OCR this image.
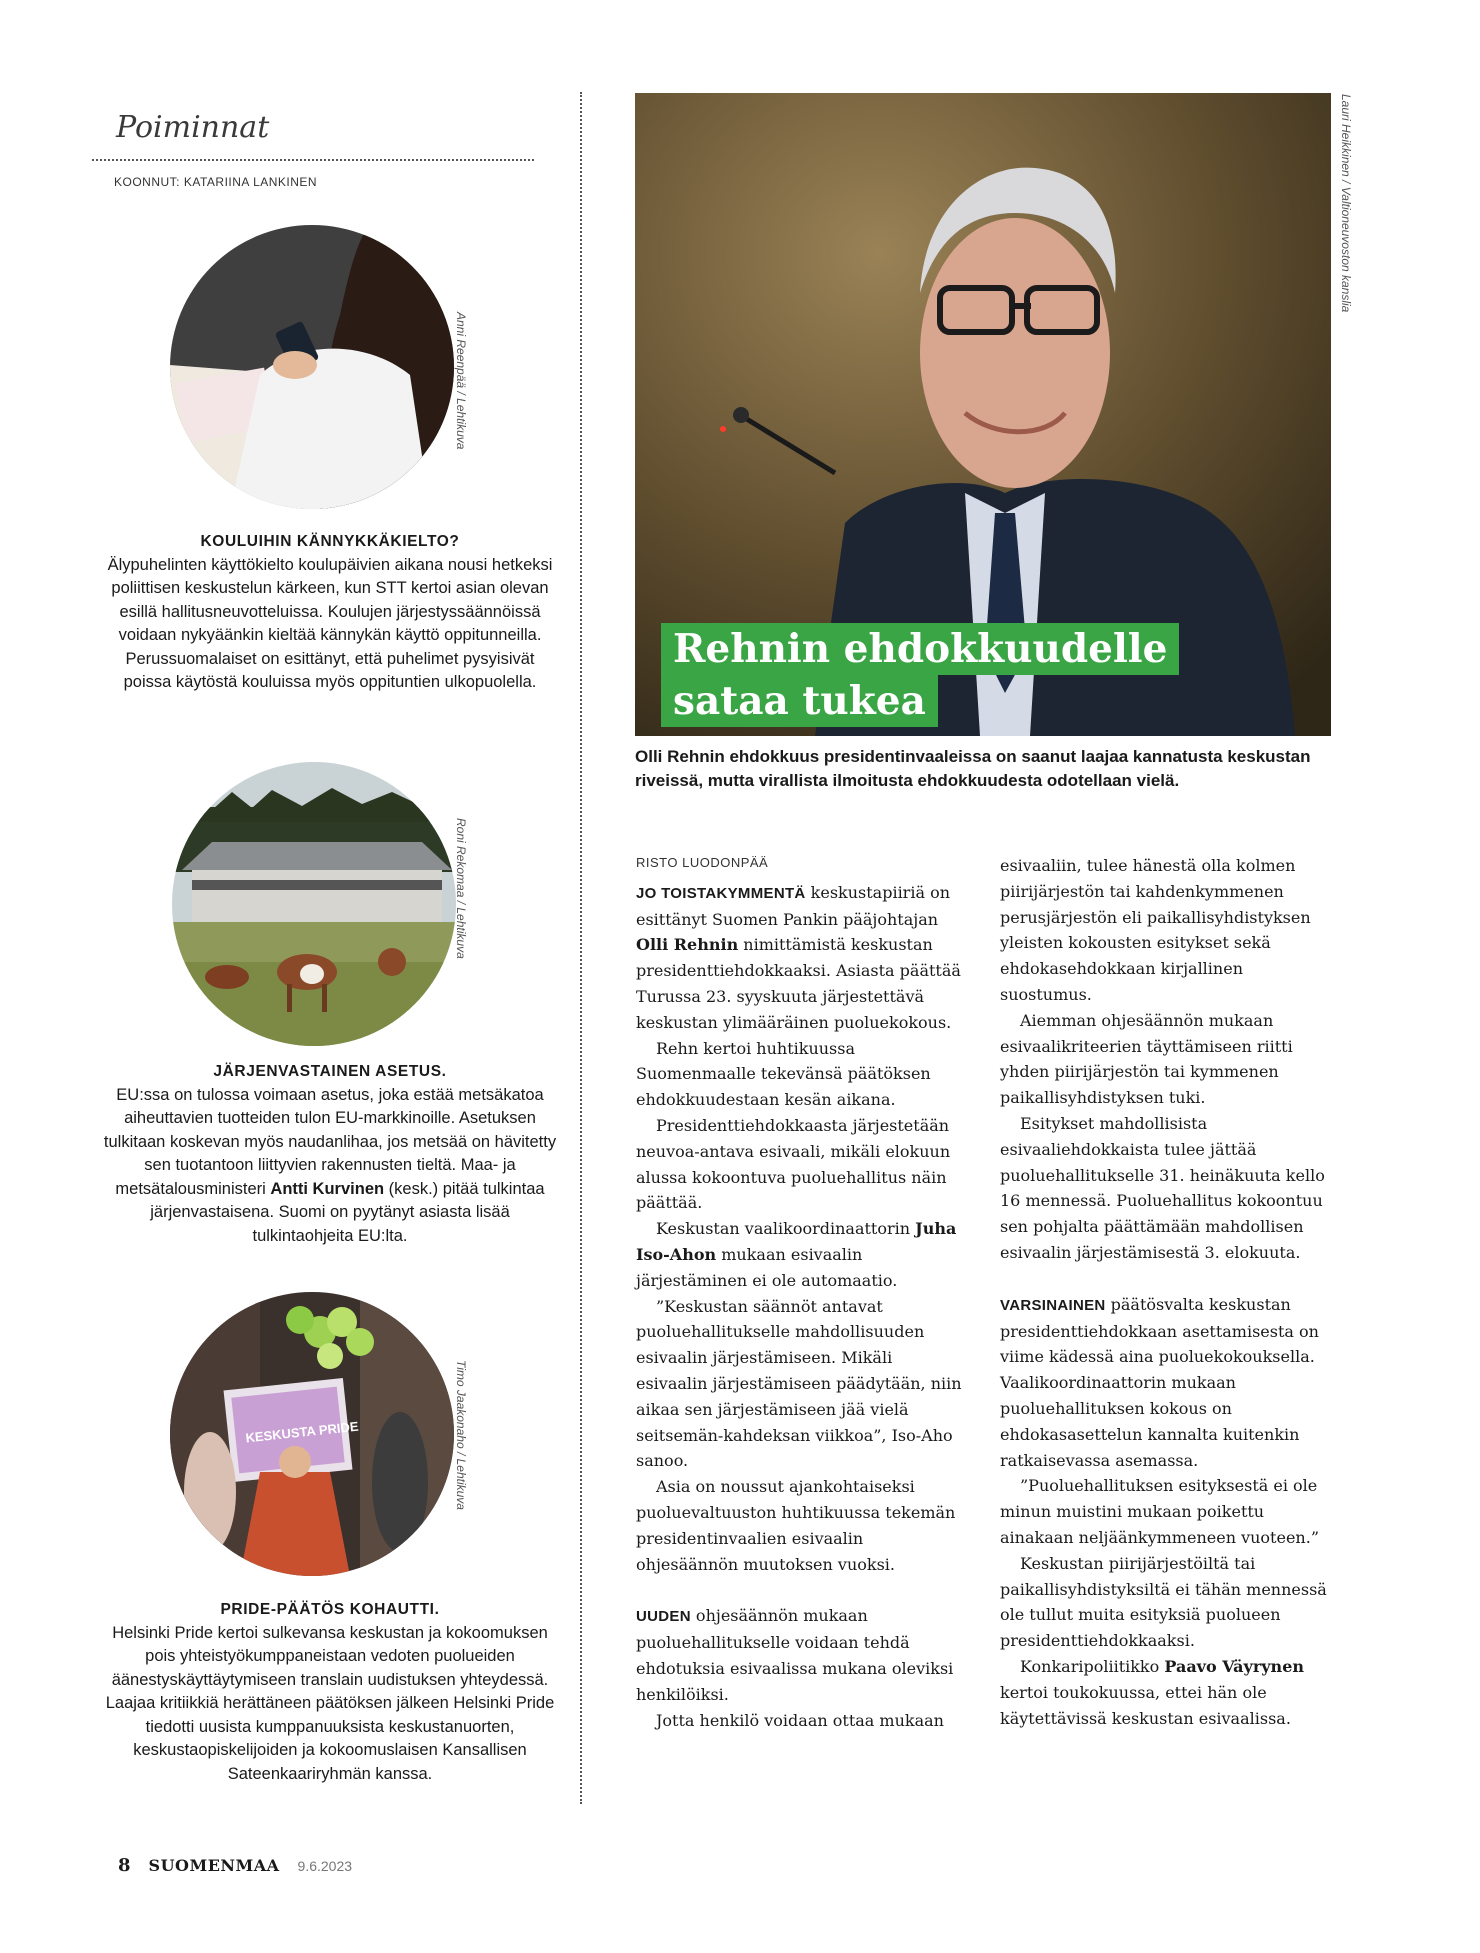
Poiminnat
KOONNUT: KATARIINA LANKINEN
Anni Reenpää / Lehtikuva
KOULUIHIN KÄNNYKKÄKIELTO?

Älypuhelinten käyttökielto koulupäivien aikana nousi hetkeksi poliittisen keskustelun kärkeen, kun STT kertoi asian olevan esillä hallitusneuvotteluissa. Koulujen järjestyssäännöissä voidaan nykyäänkin kieltää kännykän käyttö oppitunneilla. Perussuomalaiset on esittänyt, että puhelimet pysyisivät poissa käytöstä kouluissa myös oppituntien ulkopuolella.

Roni Rekomaa / Lehtikuva
JÄRJENVASTAINEN ASETUS.

EU:ssa on tulossa voimaan asetus, joka estää metsäkatoa aiheuttavien tuotteiden tulon EU-markkinoille. Asetuksen tulkitaan koskevan myös naudanlihaa, jos metsää on hävitetty sen tuotantoon liittyvien rakennusten tieltä. Maa- ja metsätalousministeri Antti Kurvinen (kesk.) pitää tulkintaa järjenvastaisena. Suomi on pyytänyt asiasta lisää tulkintaohjeita EU:lta.

KESKUSTA PRIDE	Timo Jaakonaho / Lehtikuva
PRIDE-PÄÄTÖS KOHAUTTI.

Helsinki Pride kertoi sulkevansa keskustan ja kokoomuksen pois yhteistyökumppaneistaan vedoten puolueiden äänestyskäyttäytymiseen translain uudistuksen yhteydessä. Laajaa kritiikkiä herättäneen päätöksen jälkeen Helsinki Pride tiedotti uusista kumppanuuksista keskustanuorten, keskustaopiskelijoiden ja kokoomuslaisen Kansallisen Sateenkaariryhmän kanssa.

Rehnin ehdokkuudelle
sataa tukea
Lauri Heikkinen / Valtioneuvoston kanslia
Olli Rehnin ehdokkuus presidentinvaaleissa on saanut laajaa kannatusta keskustan riveissä, mutta virallista ilmoitusta ehdokkuudesta odotellaan vielä.
RISTO LUODONPÄÄ

JO TOISTAKYMMENTÄ keskustapiiriä on esittänyt Suomen Pankin pääjohtajan Olli Rehnin nimittämistä keskustan presidenttiehdokkaaksi. Asiasta päättää Turussa 23. syyskuuta järjestettävä keskustan ylimääräinen puoluekokous.

Rehn kertoi huhtikuussa Suomenmaalle tekevänsä päätöksen ehdokkuudestaan kesän aikana.

Presidenttiehdokkaasta järjestetään neuvoa-antava esivaali, mikäli elokuun alussa kokoontuva puoluehallitus näin päättää.

Keskustan vaalikoordinaattorin Juha Iso-Ahon mukaan esivaalin järjestäminen ei ole automaatio.

”Keskustan säännöt antavat puoluehallitukselle mahdollisuuden esivaalin järjestämiseen. Mikäli esivaalin järjestämiseen päädytään, niin aikaa sen järjestämiseen jää vielä seitsemän-kahdeksan viikkoa”, Iso-Aho sanoo.

Asia on noussut ajankohtaiseksi puoluevaltuuston huhtikuussa tekemän presidentinvaalien esivaalin ohjesäännön muutoksen vuoksi.

UUDEN ohjesäännön mukaan puoluehallitukselle voidaan tehdä ehdotuksia esivaalissa mukana oleviksi henkilöiksi.

Jotta henkilö voidaan ottaa mukaan

esivaaliin, tulee hänestä olla kolmen piirijärjestön tai kahdenkymmenen perusjärjestön eli paikallisyhdistyksen yleisten kokousten esitykset sekä ehdokasehdokkaan kirjallinen suostumus.

Aiemman ohjesäännön mukaan esivaalikriteerien täyttämiseen riitti yhden piirijärjestön tai kymmenen paikallisyhdistyksen tuki.

Esitykset mahdollisista esivaaliehdokkaista tulee jättää puoluehallitukselle 31. heinäkuuta kello 16 mennessä. Puoluehallitus kokoontuu sen pohjalta päättämään mahdollisen esivaalin järjestämisestä 3. elokuuta.

VARSINAINEN päätösvalta keskustan presidenttiehdokkaan asettamisesta on viime kädessä aina puoluekokouksella. Vaalikoordinaattorin mukaan puoluehallituksen kokous on ehdokasasettelun kannalta kuitenkin ratkaisevassa asemassa.

”Puoluehallituksen esityksestä ei ole minun muistini mukaan poikettu ainakaan neljäänkymmeneen vuoteen.”

Keskustan piirijärjestöiltä tai paikallisyhdistyksiltä ei tähän mennessä ole tullut muita esityksiä puolueen presidenttiehdokkaaksi.

Konkaripoliitikko Paavo Väyrynen kertoi toukokuussa, ettei hän ole käytettävissä keskustan esivaalissa.

8 SUOMENMAA 9.6.2023
